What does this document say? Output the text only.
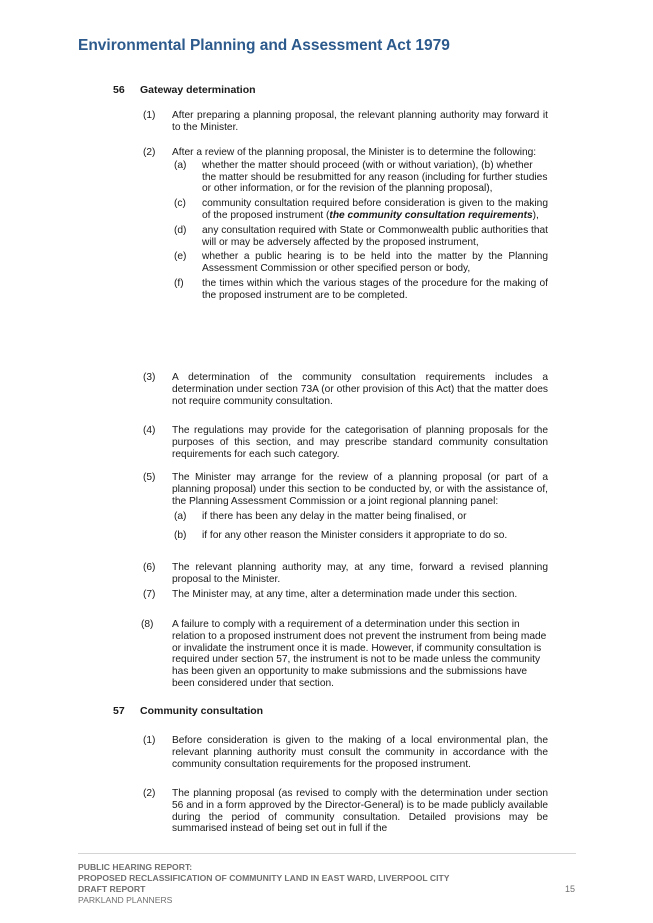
Environmental Planning and Assessment Act 1979
56 Gateway determination
(1) After preparing a planning proposal, the relevant planning authority may forward it to the Minister.
(2) After a review of the planning proposal, the Minister is to determine the following:
(a) whether the matter should proceed (with or without variation), (b) whether the matter should be resubmitted for any reason (including for further studies or other information, or for the revision of the planning proposal),
(c) community consultation required before consideration is given to the making of the proposed instrument (the community consultation requirements),
(d) any consultation required with State or Commonwealth public authorities that will or may be adversely affected by the proposed instrument,
(e) whether a public hearing is to be held into the matter by the Planning Assessment Commission or other specified person or body,
(f) the times within which the various stages of the procedure for the making of the proposed instrument are to be completed.
(3) A determination of the community consultation requirements includes a determination under section 73A (or other provision of this Act) that the matter does not require community consultation.
(4) The regulations may provide for the categorisation of planning proposals for the purposes of this section, and may prescribe standard community consultation requirements for each such category.
(5) The Minister may arrange for the review of a planning proposal (or part of a planning proposal) under this section to be conducted by, or with the assistance of, the Planning Assessment Commission or a joint regional planning panel:
(a) if there has been any delay in the matter being finalised, or
(b) if for any other reason the Minister considers it appropriate to do so.
(6) The relevant planning authority may, at any time, forward a revised planning proposal to the Minister.
(7) The Minister may, at any time, alter a determination made under this section.
(8) A failure to comply with a requirement of a determination under this section in relation to a proposed instrument does not prevent the instrument from being made or invalidate the instrument once it is made. However, if community consultation is required under section 57, the instrument is not to be made unless the community has been given an opportunity to make submissions and the submissions have been considered under that section.
57 Community consultation
(1) Before consideration is given to the making of a local environmental plan, the relevant planning authority must consult the community in accordance with the community consultation requirements for the proposed instrument.
(2) The planning proposal (as revised to comply with the determination under section 56 and in a form approved by the Director-General) is to be made publicly available during the period of community consultation. Detailed provisions may be summarised instead of being set out in full if the
PUBLIC HEARING REPORT:
PROPOSED RECLASSIFICATION OF COMMUNITY LAND IN EAST WARD, LIVERPOOL CITY
DRAFT REPORT
PARKLAND PLANNERS
15
